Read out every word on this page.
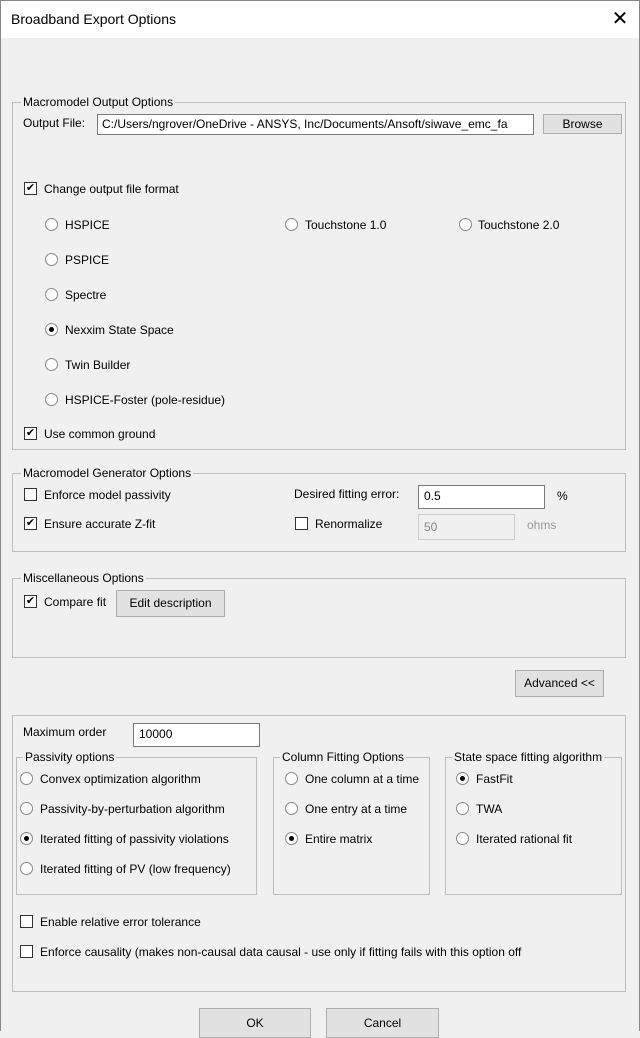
Broadband Export Options	✕
Macromodel Output Options
Output File:	C:/Users/ngrover/OneDrive - ANSYS, Inc/Documents/Ansoft/siwave_emc_fa	Browse
✔ Change output file format
HSPICE	Touchstone 1.0	Touchstone 2.0
PSPICE
Spectre
Nexxim State Space
Twin Builder
HSPICE-Foster (pole-residue)
✔ Use common ground
Macromodel Generator Options
Enforce model passivity
✔ Ensure accurate Z-fit
Desired fitting error:	0.5	%
Renormalize	50	ohms
Miscellaneous Options
✔ Compare fit	Edit description
Advanced <<
Maximum order	10000
Passivity options
Convex optimization algorithm
Passivity-by-perturbation algorithm
Iterated fitting of passivity violations
Iterated fitting of PV (low frequency)
Column Fitting Options
One column at a time
One entry at a time
Entire matrix
State space fitting algorithm
FastFit
TWA
Iterated rational fit
Enable relative error tolerance
Enforce causality (makes non-causal data causal - use only if fitting fails with this option off
OK	Cancel
